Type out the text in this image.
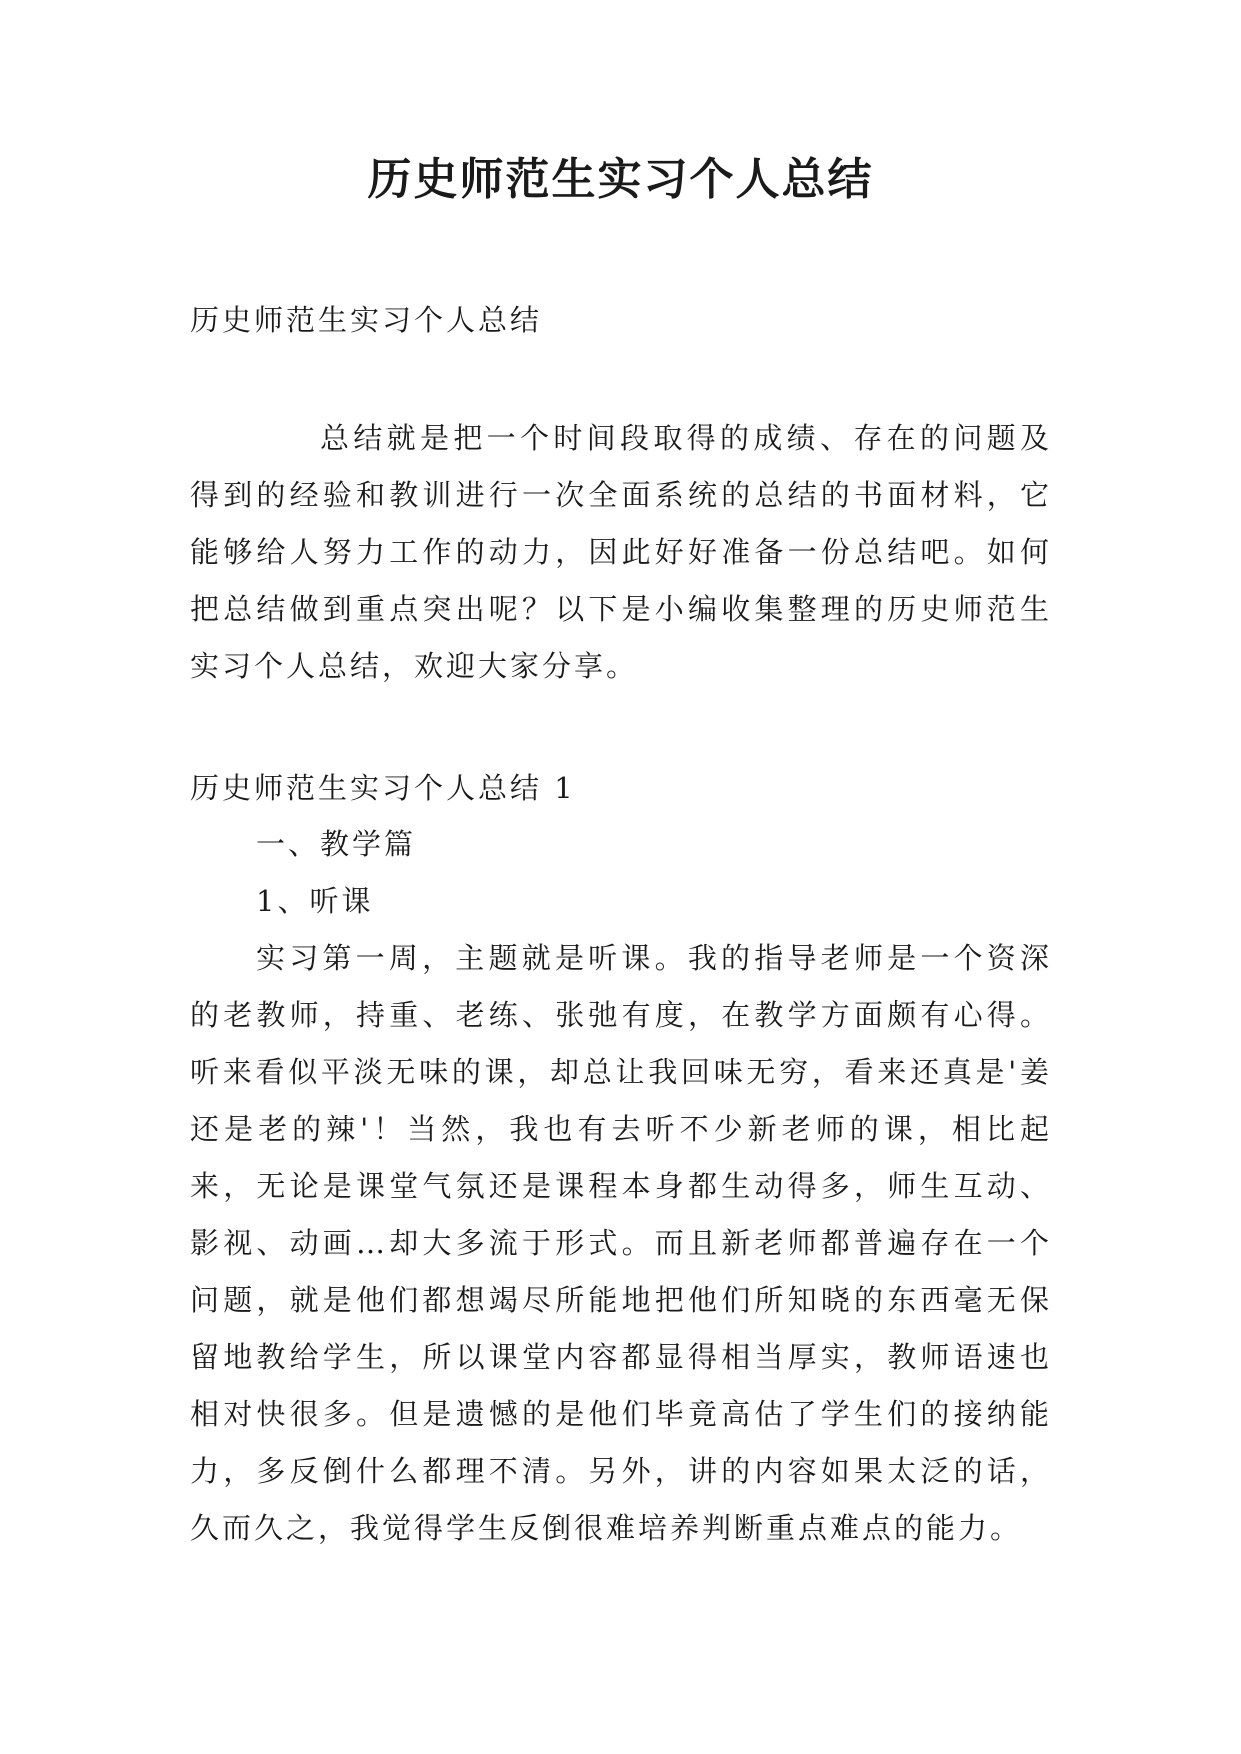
历史师范生实习个人总结

历史师范生实习个人总结

总结就是把一个时间段取得的成绩、存在的问题及得到的经验和教训进行一次全面系统的总结的书面材料，它能够给人努力工作的动力，因此好好准备一份总结吧。如何把总结做到重点突出呢？以下是小编收集整理的历史师范生实习个人总结，欢迎大家分享。

历史师范生实习个人总结 1

一、教学篇

1、听课

实习第一周，主题就是听课。我的指导老师是一个资深的老教师，持重、老练、张弛有度，在教学方面颇有心得。听来看似平淡无味的课，却总让我回味无穷，看来还真是'姜还是老的辣'！当然，我也有去听不少新老师的课，相比起来，无论是课堂气氛还是课程本身都生动得多，师生互动、影视、动画…却大多流于形式。而且新老师都普遍存在一个问题，就是他们都想竭尽所能地把他们所知晓的东西毫无保留地教给学生，所以课堂内容都显得相当厚实，教师语速也相对快很多。但是遗憾的是他们毕竟高估了学生们的接纳能力，多反倒什么都理不清。另外，讲的内容如果太泛的话，久而久之，我觉得学生反倒很难培养判断重点难点的能力。
